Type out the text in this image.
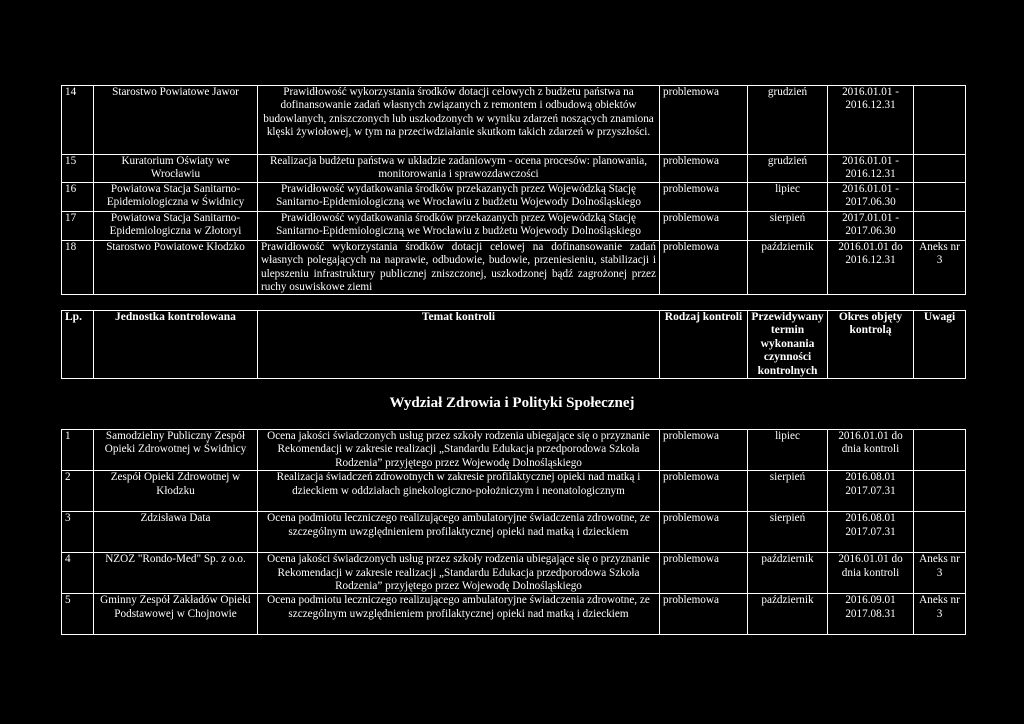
14	Starostwo Powiatowe Jawor	Prawidłowość wykorzystania środków dotacji celowych z budżetu państwa na dofinansowanie zadań własnych związanych z remontem i odbudową obiektów budowlanych, zniszczonych lub uszkodzonych w wyniku zdarzeń noszących znamiona klęski żywiołowej, w tym na przeciwdziałanie skutkom takich zdarzeń w przyszłości.	problemowa	grudzień	2016.01.01 - 2016.12.31	
15	Kuratorium Oświaty we Wrocławiu	Realizacja budżetu państwa w układzie zadaniowym - ocena procesów: planowania, monitorowania i sprawozdawczości	problemowa	grudzień	2016.01.01 - 2016.12.31	
16	Powiatowa Stacja Sanitarno-Epidemiologiczna w Świdnicy	Prawidłowość wydatkowania środków przekazanych przez Wojewódzką Stację Sanitarno-Epidemiologiczną we Wrocławiu z budżetu Wojewody Dolnośląskiego	problemowa	lipiec	2016.01.01 - 2017.06.30	
17	Powiatowa Stacja Sanitarno-Epidemiologiczna w Złotoryi	Prawidłowość wydatkowania środków przekazanych przez Wojewódzką Stację Sanitarno-Epidemiologiczną we Wrocławiu z budżetu Wojewody Dolnośląskiego	problemowa	sierpień	2017.01.01 - 2017.06.30	
18	Starostwo Powiatowe Kłodzko	Prawidłowość wykorzystania środków dotacji celowej na dofinansowanie zadań własnych polegających na naprawie, odbudowie, budowie, przeniesieniu, stabilizacji i ulepszeniu infrastruktury publicznej zniszczonej, uszkodzonej bądź zagrożonej przez ruchy osuwiskowe ziemi	problemowa	październik	2016.01.01 do 2016.12.31	Aneks nr 3
Lp.	Jednostka kontrolowana	Temat kontroli	Rodzaj kontroli	Przewidywany termin wykonania czynności kontrolnych	Okres objęty kontrolą	Uwagi
Wydział Zdrowia i Polityki Społecznej
1	Samodzielny Publiczny Zespół Opieki Zdrowotnej w Świdnicy	Ocena jakości świadczonych usług przez szkoły rodzenia ubiegające się o przyznanie Rekomendacji w zakresie realizacji „Standardu Edukacja przedporodowa Szkoła Rodzenia” przyjętego przez Wojewodę Dolnośląskiego	problemowa	lipiec	2016.01.01 do dnia kontroli	
2	Zespół Opieki Zdrowotnej w Kłodzku	Realizacja świadczeń zdrowotnych w zakresie profilaktycznej opieki nad matką i dzieckiem w oddziałach ginekologiczno-położniczym i neonatologicznym	problemowa	sierpień	2016.08.01 2017.07.31	
3	Zdzisława Data	Ocena podmiotu leczniczego realizującego ambulatoryjne świadczenia zdrowotne, ze szczególnym uwzględnieniem profilaktycznej opieki nad matką i dzieckiem	problemowa	sierpień	2016.08.01 2017.07.31	
4	NZOZ "Rondo-Med" Sp. z o.o.	Ocena jakości świadczonych usług przez szkoły rodzenia ubiegające się o przyznanie Rekomendacji w zakresie realizacji „Standardu Edukacja przedporodowa Szkoła Rodzenia” przyjętego przez Wojewodę Dolnośląskiego	problemowa	październik	2016.01.01 do dnia kontroli	Aneks nr 3
5	Gminny Zespół Zakładów Opieki Podstawowej w Chojnowie	Ocena podmiotu leczniczego realizującego ambulatoryjne świadczenia zdrowotne, ze szczególnym uwzględnieniem profilaktycznej opieki nad matką i dzieckiem	problemowa	październik	2016.09.01 2017.08.31	Aneks nr 3
